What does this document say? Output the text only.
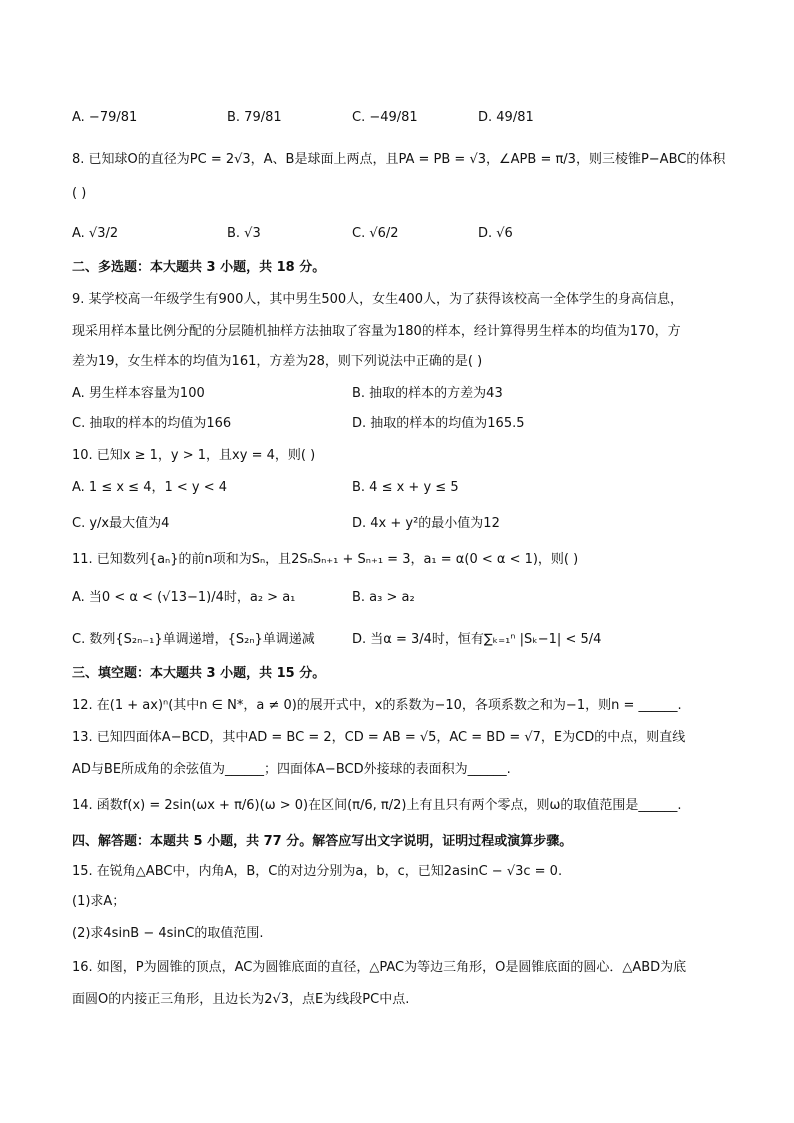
A. −79/81	B. 79/81	C. −49/81	D. 49/81
8. 已知球O的直径为PC = 2√3，A、B是球面上两点，且PA = PB = √3，∠APB = π/3，则三棱锥P−ABC的体积
( )
A. √3/2	B. √3	C. √6/2	D. √6
二、多选题：本大题共 3 小题，共 18 分。
9. 某学校高一年级学生有900人，其中男生500人，女生400人，为了获得该校高一全体学生的身高信息，
现采用样本量比例分配的分层随机抽样方法抽取了容量为180的样本，经计算得男生样本的均值为170，方
差为19，女生样本的均值为161，方差为28，则下列说法中正确的是( )
A. 男生样本容量为100	B. 抽取的样本的方差为43
C. 抽取的样本的均值为166	D. 抽取的样本的均值为165.5
10. 已知x ≥ 1，y > 1，且xy = 4，则( )
A. 1 ≤ x ≤ 4，1 < y < 4	B. 4 ≤ x + y ≤ 5
C. y/x最大值为4	D. 4x + y²的最小值为12
11. 已知数列{aₙ}的前n项和为Sₙ，且2SₙSₙ₊₁ + Sₙ₊₁ = 3，a₁ = α(0 < α < 1)，则( )
A. 当0 < α < (√13−1)/4时，a₂ > a₁	B. a₃ > a₂
C. 数列{S₂ₙ₋₁}单调递增，{S₂ₙ}单调递减	D. 当α = 3/4时，恒有∑ₖ₌₁ⁿ |Sₖ−1| < 5/4
三、填空题：本大题共 3 小题，共 15 分。
12. 在(1 + ax)ⁿ(其中n ∈ N*，a ≠ 0)的展开式中，x的系数为−10，各项系数之和为−1，则n = ______.
13. 已知四面体A−BCD，其中AD = BC = 2，CD = AB = √5，AC = BD = √7，E为CD的中点，则直线
AD与BE所成角的余弦值为______；四面体A−BCD外接球的表面积为______.
14. 函数f(x) = 2sin(ωx + π/6)(ω > 0)在区间(π/6, π/2)上有且只有两个零点，则ω的取值范围是______.
四、解答题：本题共 5 小题，共 77 分。解答应写出文字说明，证明过程或演算步骤。
15. 在锐角△ABC中，内角A，B，C的对边分别为a，b，c，已知2asinC − √3c = 0.
(1)求A；
(2)求4sinB − 4sinC的取值范围.
16. 如图，P为圆锥的顶点，AC为圆锥底面的直径，△PAC为等边三角形，O是圆锥底面的圆心．△ABD为底
面圆O的内接正三角形，且边长为2√3，点E为线段PC中点.
